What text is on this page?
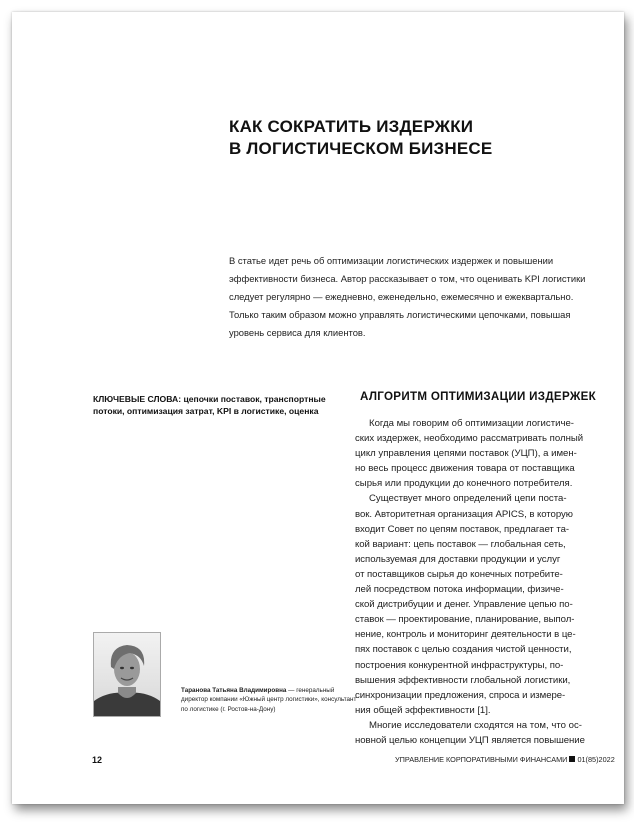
КАК СОКРАТИТЬ ИЗДЕРЖКИ
В ЛОГИСТИЧЕСКОМ БИЗНЕСЕ

В статье идет речь об оптимизации логистических издержек и повышении эффективности бизнеса. Автор рассказывает о том, что оценивать KPI логистики следует регулярно — ежедневно, еженедельно, ежемесячно и ежеквартально. Только таким образом можно управлять логистическими цепочками, повышая уровень сервиса для клиентов.

КЛЮЧЕВЫЕ СЛОВА: цепочки поставок, транспортные потоки, оптимизация затрат, KPI в логистике, оценка

АЛГОРИТМ ОПТИМИЗАЦИИ ИЗДЕРЖЕК
Когда мы говорим об оптимизации логистиче-
ских издержек, необходимо рассматривать полный
цикл управления цепями поставок (УЦП), а имен-
но весь процесс движения товара от поставщика
сырья или продукции до конечного потребителя.
Существует много определений цепи поста-
вок. Авторитетная организация APICS, в которую
входит Совет по цепям поставок, предлагает та-
кой вариант: цепь поставок — глобальная сеть,
используемая для доставки продукции и услуг
от поставщиков сырья до конечных потребите-
лей посредством потока информации, физиче-
ской дистрибуции и денег. Управление цепью по-
ставок — проектирование, планирование, выпол-
нение, контроль и мониторинг деятельности в це-
пях поставок с целью создания чистой ценности,
построения конкурентной инфраструктуры, по-
вышения эффективности глобальной логистики,
синхронизации предложения, спроса и измере-
ния общей эффективности [1].
Многие исследователи сходятся на том, что ос-
новной целью концепции УЦП является повышение

Таранова Татьяна Владимировна — генеральный директор компании «Южный центр логистики», консультант по логистике (г. Ростов-на-Дону)

12	УПРАВЛЕНИЕ КОРПОРАТИВНЫМИ ФИНАНСАМИ 01(85)2022
